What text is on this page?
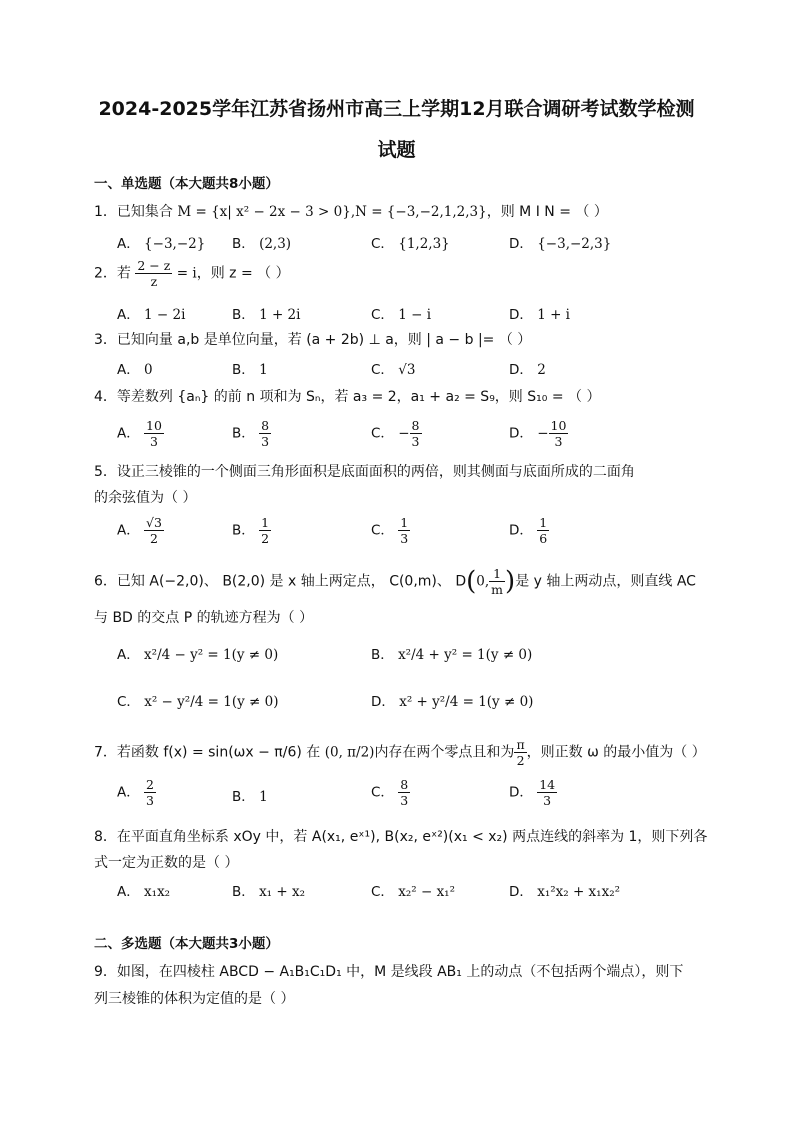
2024-2025学年江苏省扬州市高三上学期12月联合调研考试数学检测
试题
一、单选题（本大题共8小题）
1．已知集合 M = {x| x² − 2x − 3 > 0},N = {−3,−2,1,2,3}，则 M I N = （ ）
A． {−3,−2} B． (2,3)	C． {1,2,3}	D． {−3,−2,3}
2．若 $\frac{2 - z}{z} = i$，则 z = （ ）
A． 1 − 2i	B． 1 + 2i	C． 1 − i	D． 1 + i
3．已知向量 a,b 是单位向量，若 (a + 2b) ⊥ a，则 | a − b |= （ ）
A． 0	B． 1	C． √3	D． 2
4．等差数列 {aₙ} 的前 n 项和为 Sₙ，若 a₃ = 2，a₁ + a₂ = S₉，则 S₁₀ = （ ）
A． $\frac{10}{3}$	B． $\frac{8}{3}$	C． − $\frac{8}{3}$	D． − $\frac{10}{3}$
5．设正三棱锥的一个侧面三角形面积是底面面积的两倍，则其侧面与底面所成的二面角
的余弦值为（ ）
A． $\frac{√3}{2}$	B． $\frac{1}{2}$	C． $\frac{1}{3}$	D． $\frac{1}{6}$
6．已知 A(−2,0)、 B(2,0) 是 x 轴上两定点， C(0,m)、 D(0, $\frac{1}{m}$ )是 y 轴上两动点，则直线 AC
与 BD 的交点 P 的轨迹方程为（ ）
A． x²/4 − y² = 1(y ≠ 0)	B． x²/4 + y² = 1(y ≠ 0)
C． x² − y²/4 = 1(y ≠ 0)	D． x² + y²/4 = 1(y ≠ 0)
7．若函数 f(x) = sin(ωx − π/6) 在 (0, π/2)内存在两个零点且和为 $\frac{\pi}{2}$ ，则正数 ω 的最小值为（ ）
A． $\frac{2}{3}$	B． 1	C． $\frac{8}{3}$	D． $\frac{14}{3}$
8．在平面直角坐标系 xOy 中，若 A(x₁, eˣ¹), B(x₂, eˣ²)(x₁ < x₂) 两点连线的斜率为 1，则下列各
式一定为正数的是（ ）
A． x₁x₂	B． x₁ + x₂	C． x₂² − x₁²	D． x₁²x₂ + x₁x₂²
二、多选题（本大题共3小题）
9．如图，在四棱柱 ABCD − A₁B₁C₁D₁ 中，M 是线段 AB₁ 上的动点（不包括两个端点），则下
列三棱锥的体积为定值的是（ ）
